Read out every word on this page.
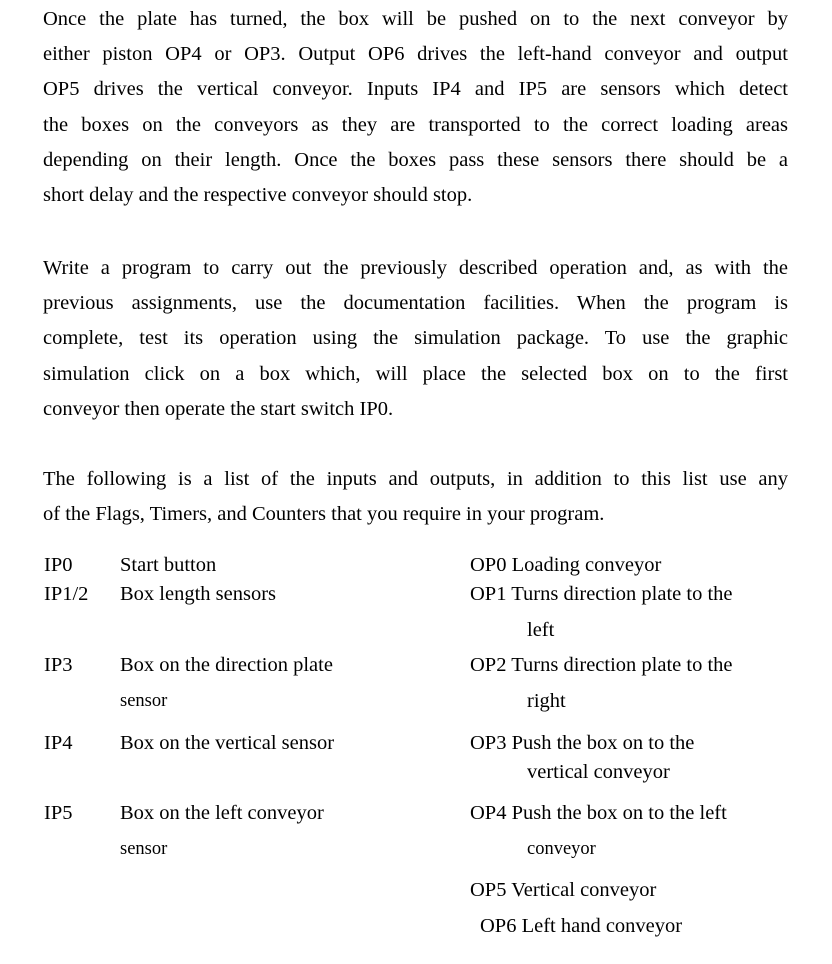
Once the plate has turned, the box will be pushed on to the next conveyor by
either piston OP4 or OP3. Output OP6 drives the left-hand conveyor and output
OP5 drives the vertical conveyor. Inputs IP4 and IP5 are sensors which detect
the boxes on the conveyors as they are transported to the correct loading areas
depending on their length. Once the boxes pass these sensors there should be a
short delay and the respective conveyor should stop.
Write a program to carry out the previously described operation and, as with the
previous assignments, use the documentation facilities. When the program is
complete, test its operation using the simulation package. To use the graphic
simulation click on a box which, will place the selected box on to the first
conveyor then operate the start switch IP0.
The following is a list of the inputs and outputs, in addition to this list use any
of the Flags, Timers, and Counters that you require in your program.
IP0 Start button
IP1/2 Box length sensors
IP3 Box on the direction plate
sensor
IP4 Box on the vertical sensor
IP5 Box on the left conveyor
sensor
OP0 Loading conveyor
OP1 Turns direction plate to the
left
OP2 Turns direction plate to the
right
OP3 Push the box on to the
vertical conveyor
OP4 Push the box on to the left
conveyor
OP5 Vertical conveyor
OP6 Left hand conveyor
